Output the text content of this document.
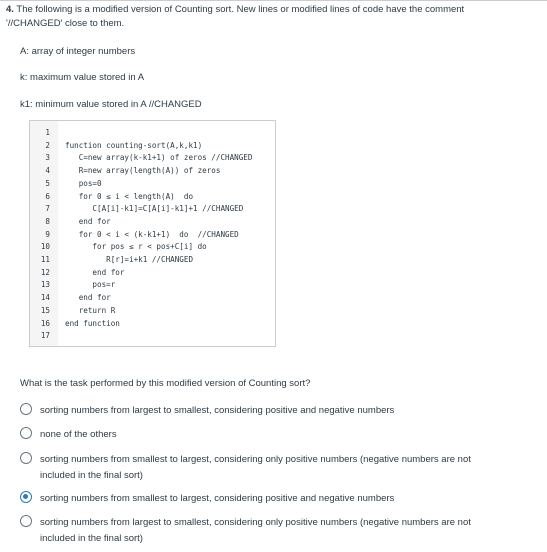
4. The following is a modified version of Counting sort. New lines or modified lines of code have the comment
'//CHANGED' close to them.
A: array of integer numbers
k: maximum value stored in A
k1: minimum value stored in A //CHANGED
1
2 function counting-sort(A,k,k1)
3 C=new array(k-k1+1) of zeros //CHANGED
4 R=new array(length(A)) of zeros
5 pos=0
6 for 0 ≤ i < length(A)  do
7 C[A[i]-k1]=C[A[i]-k1]+1 //CHANGED
8 end for
9 for 0 < i < (k-k1+1)  do  //CHANGED
10 for pos ≤ r < pos+C[i] do
11 R[r]=i+k1 //CHANGED
12 end for
13 pos=r
14 end for
15 return R
16 end function
17
What is the task performed by this modified version of Counting sort?
sorting numbers from largest to smallest, considering positive and negative numbers
none of the others
sorting numbers from smallest to largest, considering only positive numbers (negative numbers are not
included in the final sort)
sorting numbers from smallest to largest, considering positive and negative numbers
sorting numbers from largest to smallest, considering only positive numbers (negative numbers are not
included in the final sort)
